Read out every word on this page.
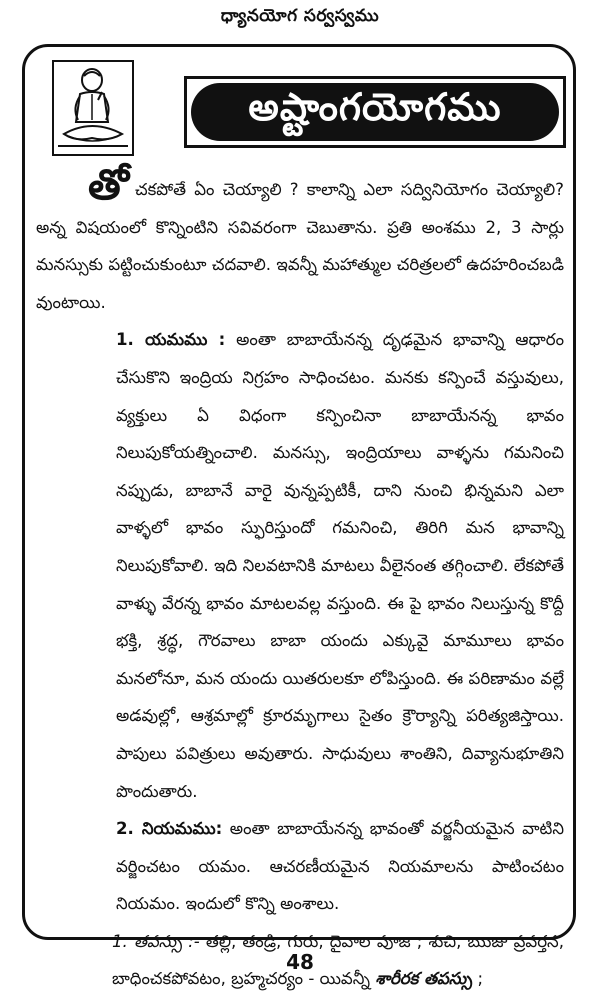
ధ్యానయోగ సర్వస్వము
అష్టాంగయోగము

తోచకపోతే ఏం చెయ్యాలి ? కాలాన్ని ఎలా సద్వినియోగం చెయ్యాలి? అన్న విషయంలో కొన్నింటిని సవివరంగా చెబుతాను. ప్రతి అంశము 2, 3 సార్లు మనస్సుకు పట్టించుకుంటూ చదవాలి. ఇవన్నీ మహాత్ముల చరిత్రలలో ఉదహరించబడి వుంటాయి.

1. యమము : అంతా బాబాయేనన్న దృఢమైన భావాన్ని ఆధారం చేసుకొని ఇంద్రియ నిగ్రహం సాధించటం. మనకు కన్పించే వస్తువులు, వ్యక్తులు ఏ విధంగా కన్పించినా బాబాయేనన్న భావం నిలుపుకోయత్నించాలి. మనస్సు, ఇంద్రియాలు వాళ్ళను గమనించి నప్పుడు, బాబానే వారై వున్నప్పటికీ, దాని నుంచి భిన్నమని ఎలా వాళ్ళలో భావం స్ఫురిస్తుందో గమనించి, తిరిగి మన భావాన్ని నిలుపుకోవాలి. ఇది నిలవటానికి మాటలు వీలైనంత తగ్గించాలి. లేకపోతే వాళ్ళు వేరన్న భావం మాటలవల్ల వస్తుంది. ఈ పై భావం నిలుస్తున్న కొద్దీ భక్తి, శ్రద్ధ, గౌరవాలు బాబా యందు ఎక్కువై మామూలు భావం మనలోనూ, మన యందు యితరులకూ లోపిస్తుంది. ఈ పరిణామం వల్లే అడవుల్లో, ఆశ్రమాల్లో క్రూరమృగాలు సైతం క్రౌర్యాన్ని పరిత్యజిస్తాయి. పాపులు పవిత్రులు అవుతారు. సాధువులు శాంతిని, దివ్యానుభూతిని పొందుతారు.

2. నియమము: అంతా బాబాయేనన్న భావంతో వర్జనీయమైన వాటిని వర్జించటం యమం. ఆచరణీయమైన నియమాలను పాటించటం నియమం. ఇందులో కొన్ని అంశాలు.

1. తపస్సు :- తల్లి, తండ్రి, గురు, దైవాల పూజ ; శుచి, ఋజు ప్రవర్తన, బాధించకపోవటం, బ్రహ్మచర్యం - యివన్నీ శారీరక తపస్సు ;

48
